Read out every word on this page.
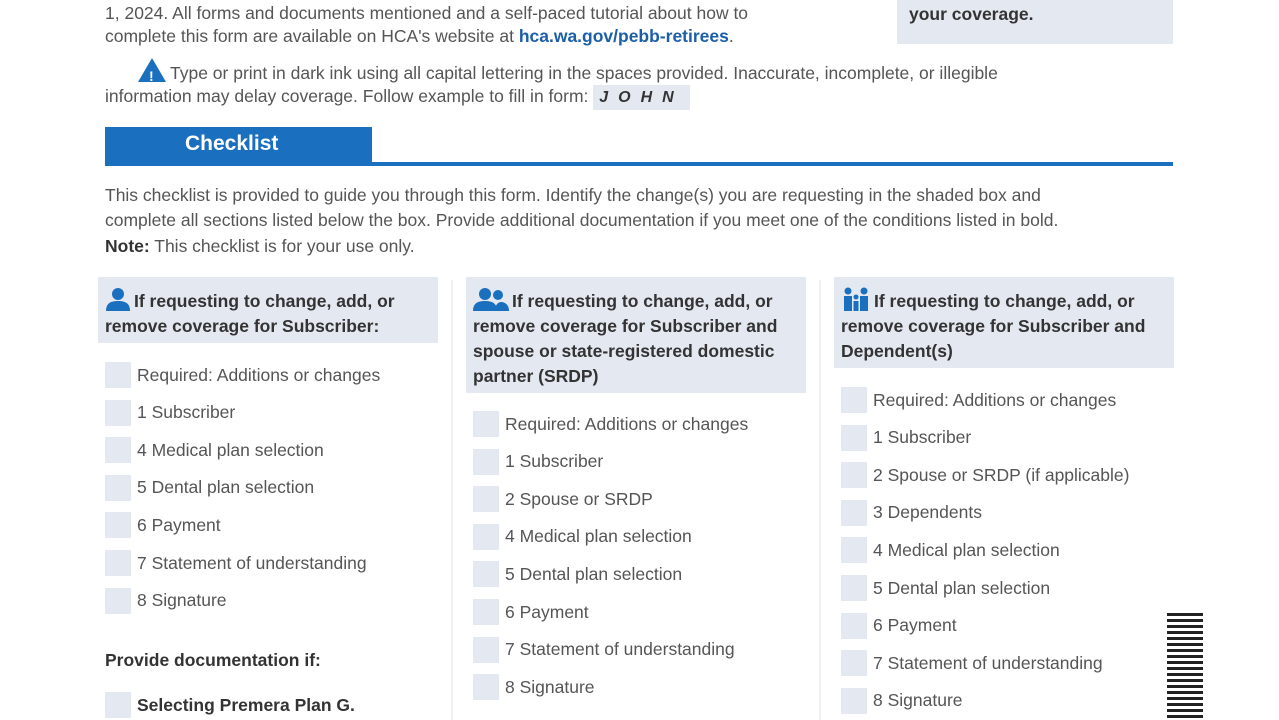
1, 2024. All forms and documents mentioned and a self-paced tutorial about how to
complete this form are available on HCA's website at hca.wa.gov/pebb-retirees.
your coverage.
! Type or print in dark ink using all capital lettering in the spaces provided. Inaccurate, incomplete, or illegible
information may delay coverage. Follow example to fill in form: JOHN
Checklist
This checklist is provided to guide you through this form. Identify the change(s) you are requesting in the shaded box and
complete all sections listed below the box. Provide additional documentation if you meet one of the conditions listed in bold.
Note: This checklist is for your use only.
If requesting to change, add, or remove coverage for Subscriber:
Required: Additions or changes
1 Subscriber
4 Medical plan selection
5 Dental plan selection
6 Payment
7 Statement of understanding
8 Signature
Provide documentation if:
Selecting Premera Plan G.
If requesting to change, add, or remove coverage for Subscriber and spouse or state-registered domestic partner (SRDP)
Required: Additions or changes
1 Subscriber
2 Spouse or SRDP
4 Medical plan selection
5 Dental plan selection
6 Payment
7 Statement of understanding
8 Signature
If requesting to change, add, or remove coverage for Subscriber and Dependent(s)
Required: Additions or changes
1 Subscriber
2 Spouse or SRDP (if applicable)
3 Dependents
4 Medical plan selection
5 Dental plan selection
6 Payment
7 Statement of understanding
8 Signature
